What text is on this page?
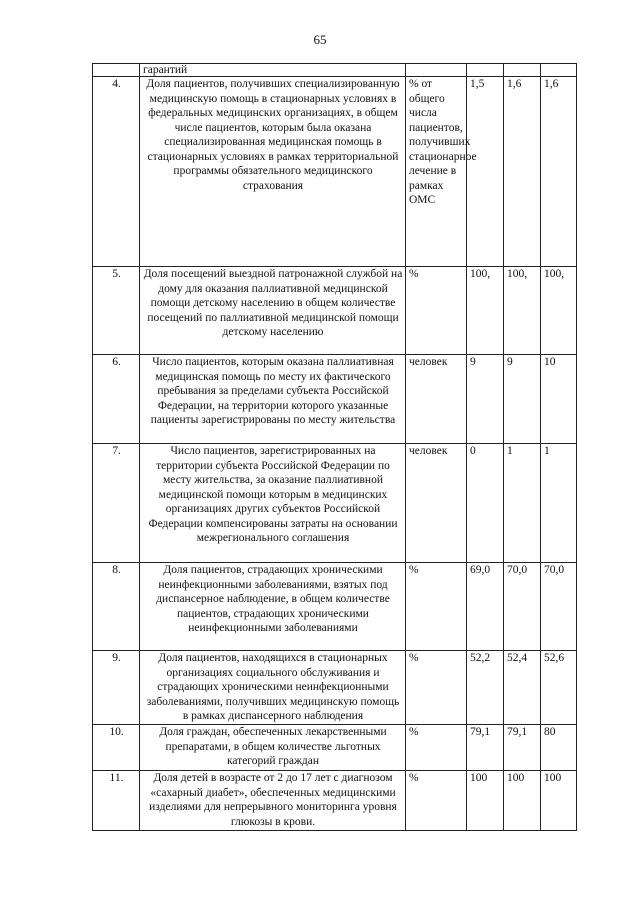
65
	гарантий				
4.	Доля пациентов, получивших специализированную медицинскую помощь в стационарных условиях в федеральных медицинских организациях, в общем числе пациентов, которым была оказана специализированная медицинская помощь в стационарных условиях в рамках территориальной программы обязательного медицинского страхования	% от общего числа пациентов, получивших стационарное лечение в рамках ОМС	1,5	1,6	1,6
5.	Доля посещений выездной патронажной службой на дому для оказания паллиативной медицинской помощи детскому населению в общем количестве посещений по паллиативной медицинской помощи детскому населению	%	100,	100,	100,
6.	Число пациентов, которым оказана паллиативная медицинская помощь по месту их фактического пребывания за пределами субъекта Российской Федерации, на территории которого указанные пациенты зарегистрированы по месту жительства	человек	9	9	10
7.	Число пациентов, зарегистрированных на территории субъекта Российской Федерации по месту жительства, за оказание паллиативной медицинской помощи которым в медицинских организациях других субъектов Российской Федерации компенсированы затраты на основании межрегионального соглашения	человек	0	1	1
8.	Доля пациентов, страдающих хроническими неинфекционными заболеваниями, взятых под диспансерное наблюдение, в общем количестве пациентов, страдающих хроническими неинфекционными заболеваниями	%	69,0	70,0	70,0
9.	Доля пациентов, находящихся в стационарных организациях социального обслуживания и страдающих хроническими неинфекционными заболеваниями, получивших медицинскую помощь в рамках диспансерного наблюдения	%	52,2	52,4	52,6
10.	Доля граждан, обеспеченных лекарственными препаратами, в общем количестве льготных категорий граждан	%	79,1	79,1	80
11.	Доля детей в возрасте от 2 до 17 лет с диагнозом «сахарный диабет», обеспеченных медицинскими изделиями для непрерывного мониторинга уровня глюкозы в крови.	%	100	100	100
